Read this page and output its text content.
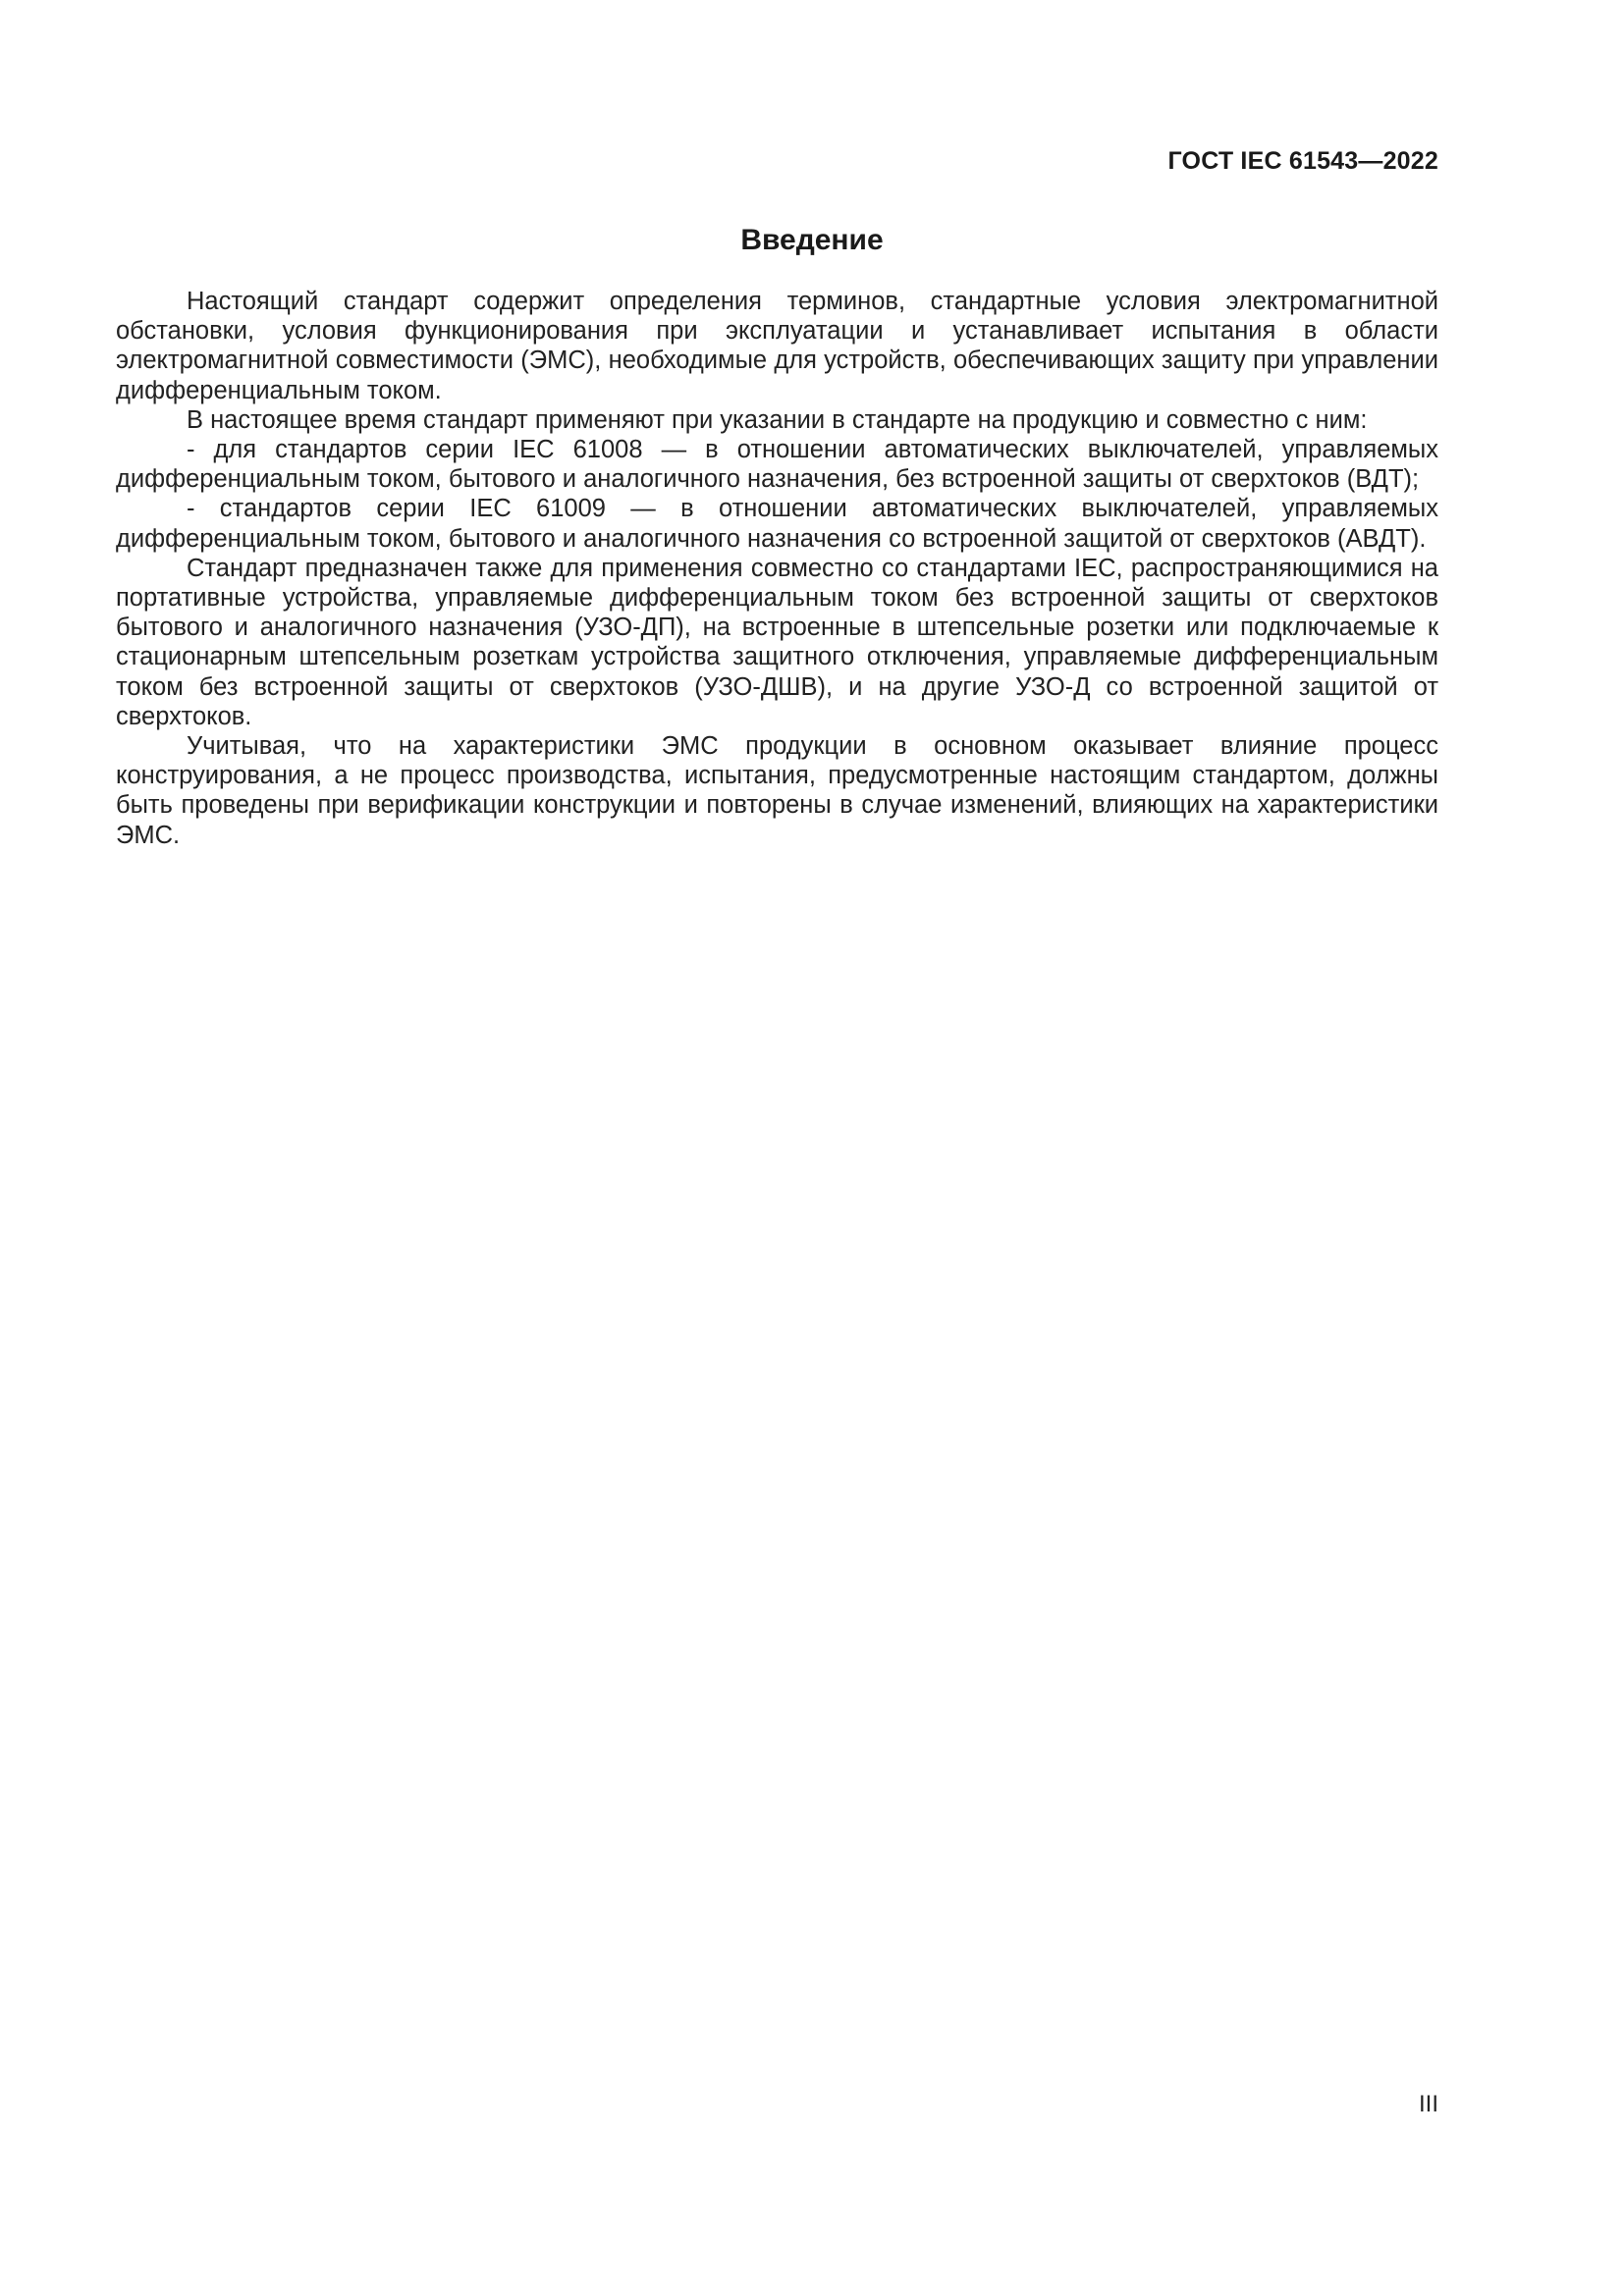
ГОСТ IEC 61543—2022
Введение

Настоящий стандарт содержит определения терминов, стандартные условия электромагнитной обстановки, условия функционирования при эксплуатации и устанавливает испытания в области электромагнитной совместимости (ЭМС), необходимые для устройств, обеспечивающих защиту при управлении дифференциальным током.

В настоящее время стандарт применяют при указании в стандарте на продукцию и совместно с ним:

- для стандартов серии IEC 61008 — в отношении автоматических выключателей, управляемых дифференциальным током, бытового и аналогичного назначения, без встроенной защиты от сверхтоков (ВДТ);

- стандартов серии IEC 61009 — в отношении автоматических выключателей, управляемых дифференциальным током, бытового и аналогичного назначения со встроенной защитой от сверхтоков (АВДТ).

Стандарт предназначен также для применения совместно со стандартами IEC, распространяющимися на портативные устройства, управляемые дифференциальным током без встроенной защиты от сверхтоков бытового и аналогичного назначения (УЗО-ДП), на встроенные в штепсельные розетки или подключаемые к стационарным штепсельным розеткам устройства защитного отключения, управляемые дифференциальным током без встроенной защиты от сверхтоков (УЗО-ДШВ), и на другие УЗО-Д со встроенной защитой от сверхтоков.

Учитывая, что на характеристики ЭМС продукции в основном оказывает влияние процесс конструирования, а не процесс производства, испытания, предусмотренные настоящим стандартом, должны быть проведены при верификации конструкции и повторены в случае изменений, влияющих на характеристики ЭМС.

III
